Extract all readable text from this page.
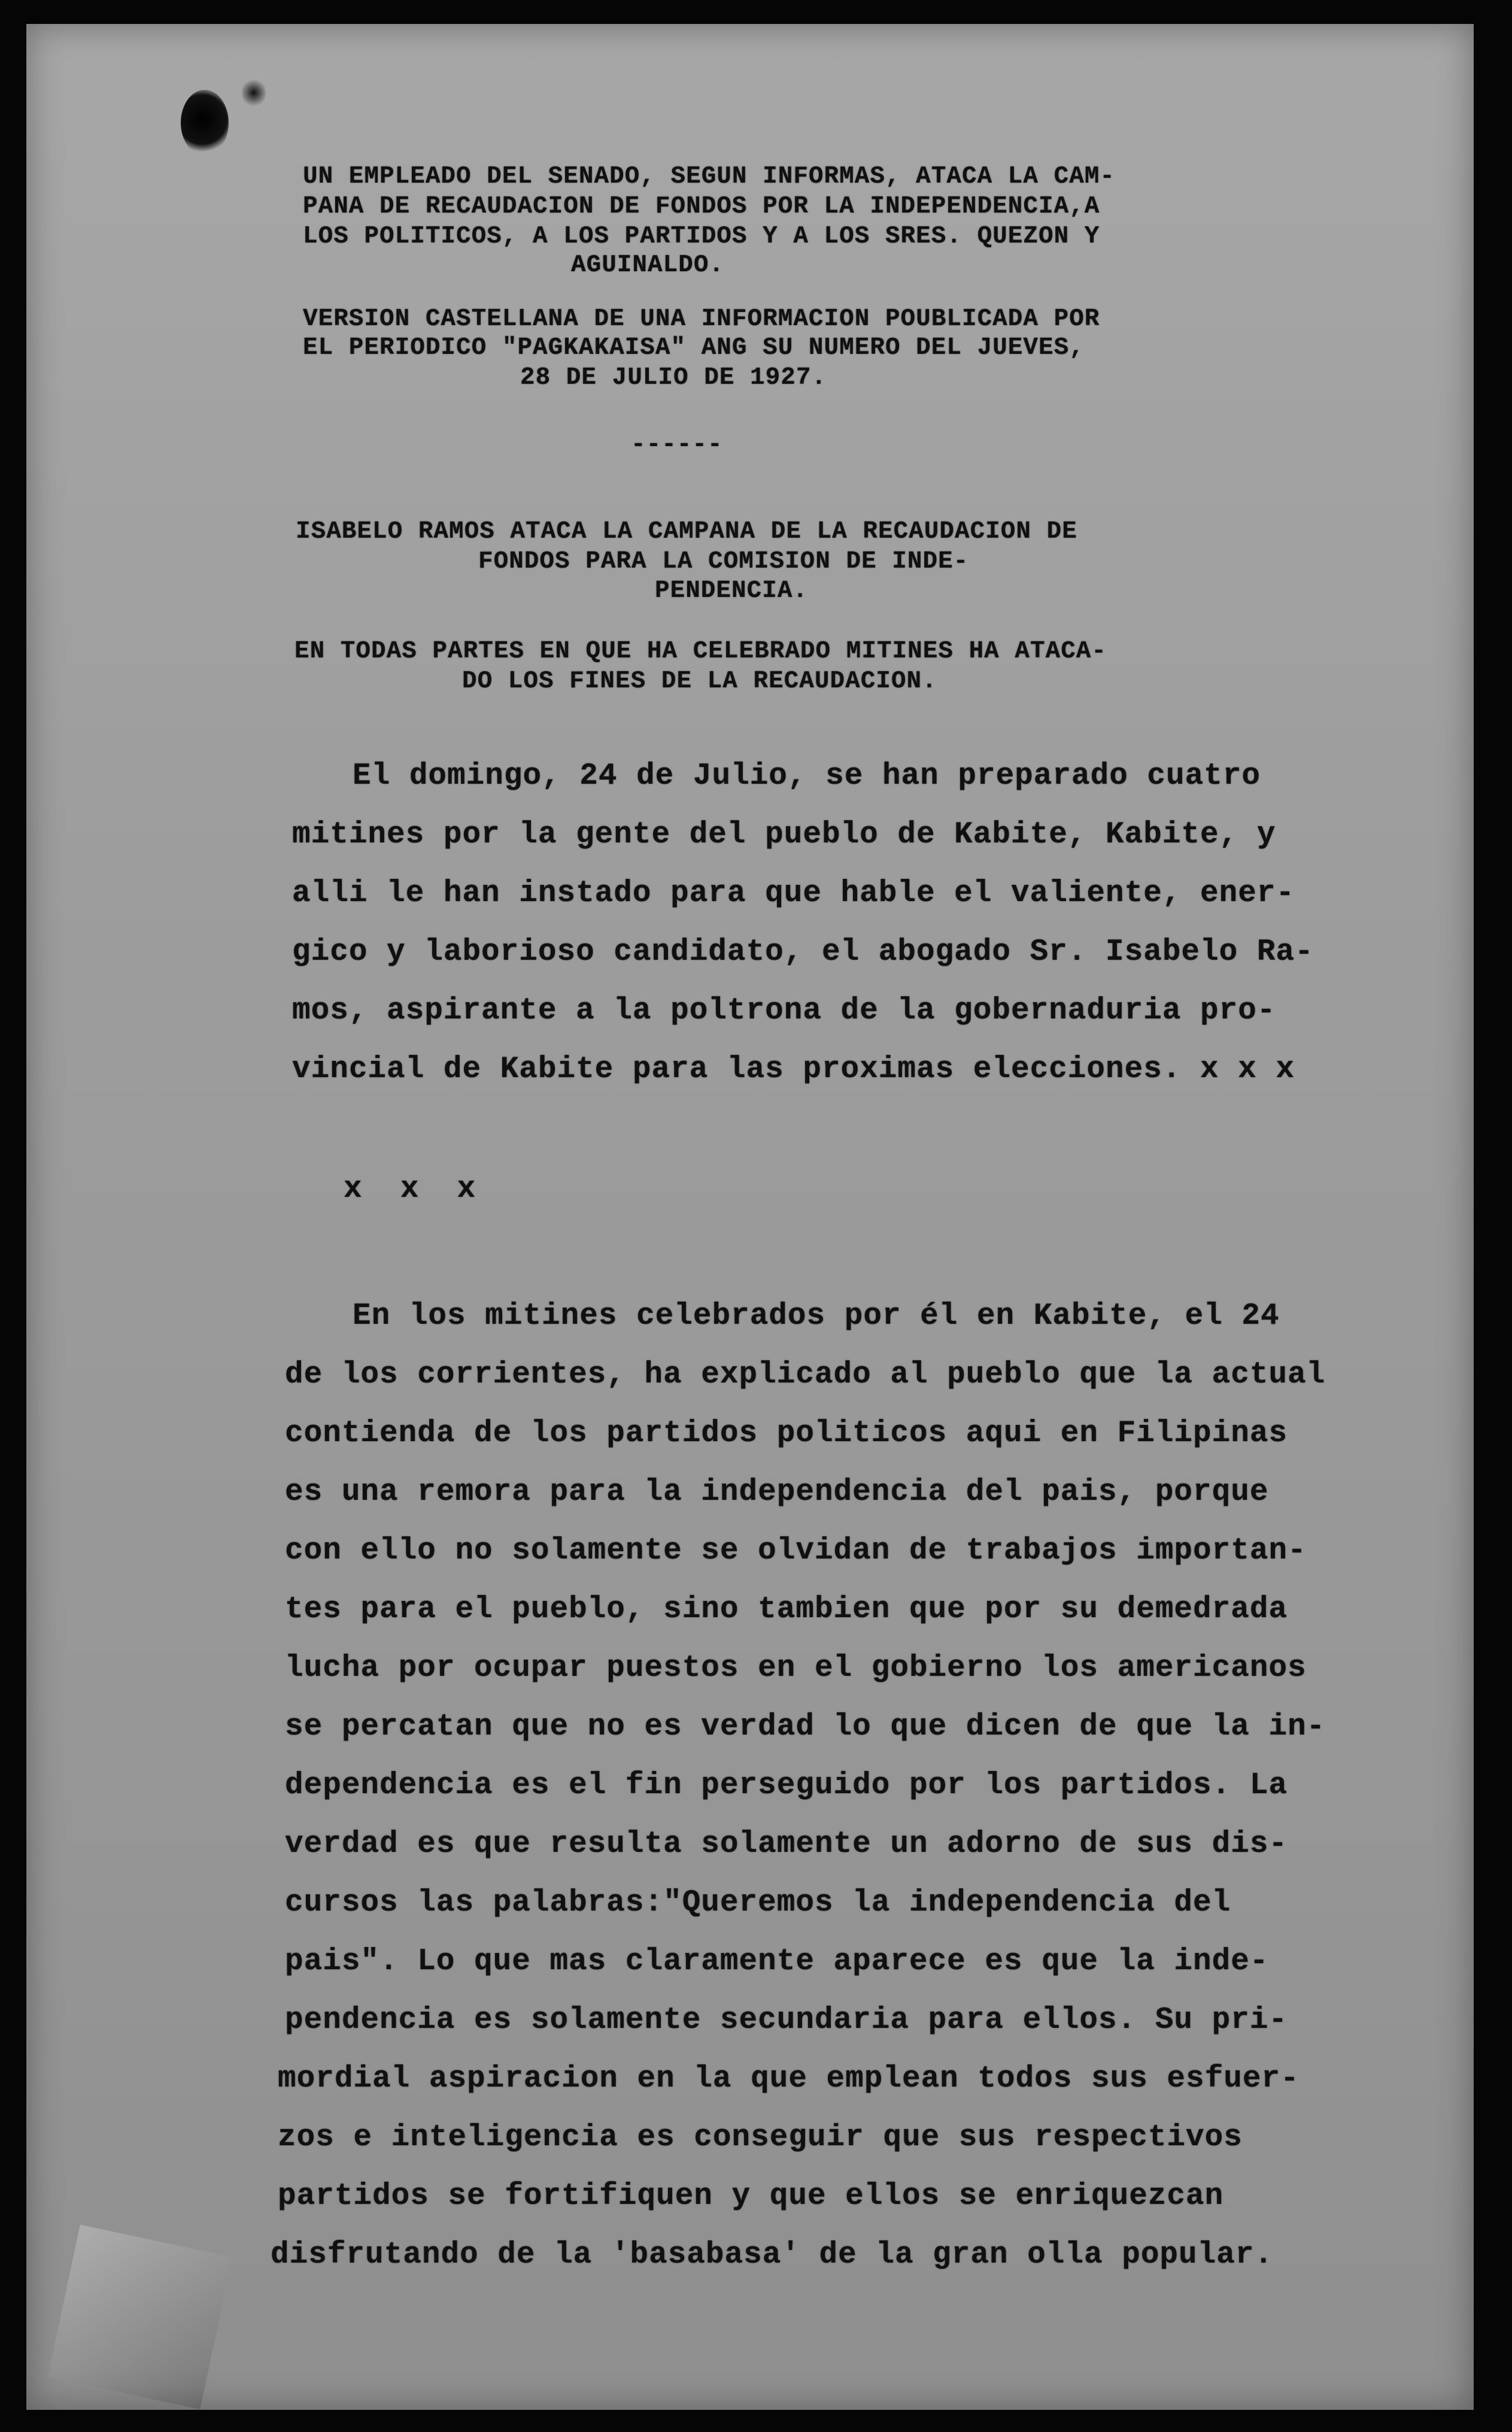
UN EMPLEADO DEL SENADO, SEGUN INFORMAS, ATACA LA CAM-
PANA DE RECAUDACION DE FONDOS POR LA INDEPENDENCIA,A
LOS POLITICOS, A LOS PARTIDOS Y A LOS SRES. QUEZON Y
AGUINALDO.
VERSION CASTELLANA DE UNA INFORMACION POUBLICADA POR
EL PERIODICO "PAGKAKAISA" ANG SU NUMERO DEL JUEVES,
28 DE JULIO DE 1927.
------
ISABELO RAMOS ATACA LA CAMPANA DE LA RECAUDACION DE
FONDOS PARA LA COMISION DE INDE-
PENDENCIA.
EN TODAS PARTES EN QUE HA CELEBRADO MITINES HA ATACA-
DO LOS FINES DE LA RECAUDACION.
El domingo, 24 de Julio, se han preparado cuatro
mitines por la gente del pueblo de Kabite, Kabite, y
alli le han instado para que hable el valiente, ener-
gico y laborioso candidato, el abogado Sr. Isabelo Ra-
mos, aspirante a la poltrona de la gobernaduria pro-
vincial de Kabite para las proximas elecciones. x x x
x  x  x
En los mitines celebrados por él en Kabite, el 24
de los corrientes, ha explicado al pueblo que la actual
contienda de los partidos politicos aqui en Filipinas
es una remora para la independencia del pais, porque
con ello no solamente se olvidan de trabajos importan-
tes para el pueblo, sino tambien que por su demedrada
lucha por ocupar puestos en el gobierno los americanos
se percatan que no es verdad lo que dicen de que la in-
dependencia es el fin perseguido por los partidos. La
verdad es que resulta solamente un adorno de sus dis-
cursos las palabras:"Queremos la independencia del
pais". Lo que mas claramente aparece es que la inde-
pendencia es solamente secundaria para ellos. Su pri-
mordial aspiracion en la que emplean todos sus esfuer-
zos e inteligencia es conseguir que sus respectivos
partidos se fortifiquen y que ellos se enriquezcan
disfrutando de la 'basabasa' de la gran olla popular.
